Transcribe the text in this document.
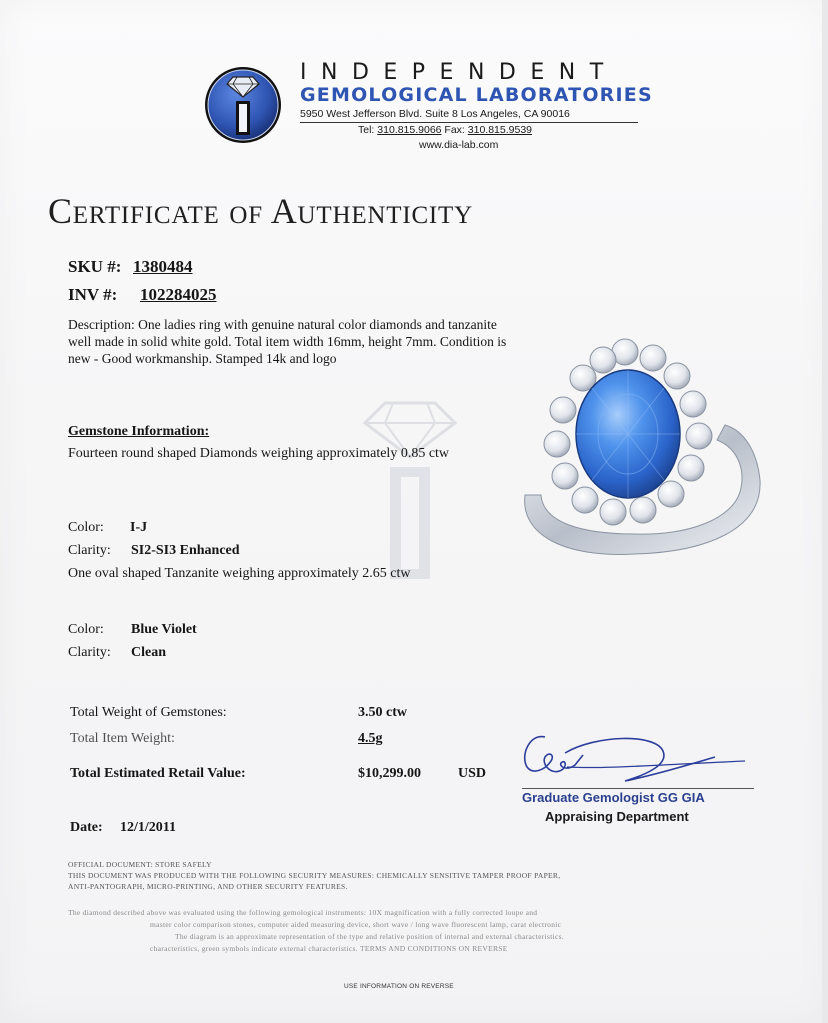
INDEPENDENT
GEMOLOGICAL LABORATORIES
5950 West Jefferson Blvd. Suite 8 Los Angeles, CA 90016
Tel: 310.815.9066 Fax: 310.815.9539
www.dia-lab.com
Certificate of Authenticity
SKU #: 1380484
INV #: 102284025
Description: One ladies ring with genuine natural color diamonds and tanzanite well made in solid white gold. Total item width 16mm, height 7mm. Condition is new - Good workmanship. Stamped 14k and logo
Gemstone Information:
Fourteen round shaped Diamonds weighing approximately 0.85 ctw
Color: I-J
Clarity: SI2-SI3 Enhanced
One oval shaped Tanzanite weighing approximately 2.65 ctw
Color: Blue Violet
Clarity: Clean
Total Weight of Gemstones:	3.50 ctw
Total Item Weight:	4.5g
Total Estimated Retail Value:	$10,299.00	USD
Graduate Gemologist GG GIA
Appraising Department
Date: 12/1/2011
OFFICIAL DOCUMENT: STORE SAFELY
THIS DOCUMENT WAS PRODUCED WITH THE FOLLOWING SECURITY MEASURES: CHEMICALLY SENSITIVE TAMPER PROOF PAPER,
ANTI-PANTOGRAPH, MICRO-PRINTING, AND OTHER SECURITY FEATURES.
The diamond described above was evaluated using the following gemological instruments: 10X magnification with a fully corrected loupe and
master color comparison stones, computer aided measuring device, short wave / long wave fluorescent lamp, carat electronic
The diagram is an approximate representation of the type and relative position of internal and external characteristics.
characteristics, green symbols indicate external characteristics. TERMS AND CONDITIONS ON REVERSE
USE INFORMATION ON REVERSE
